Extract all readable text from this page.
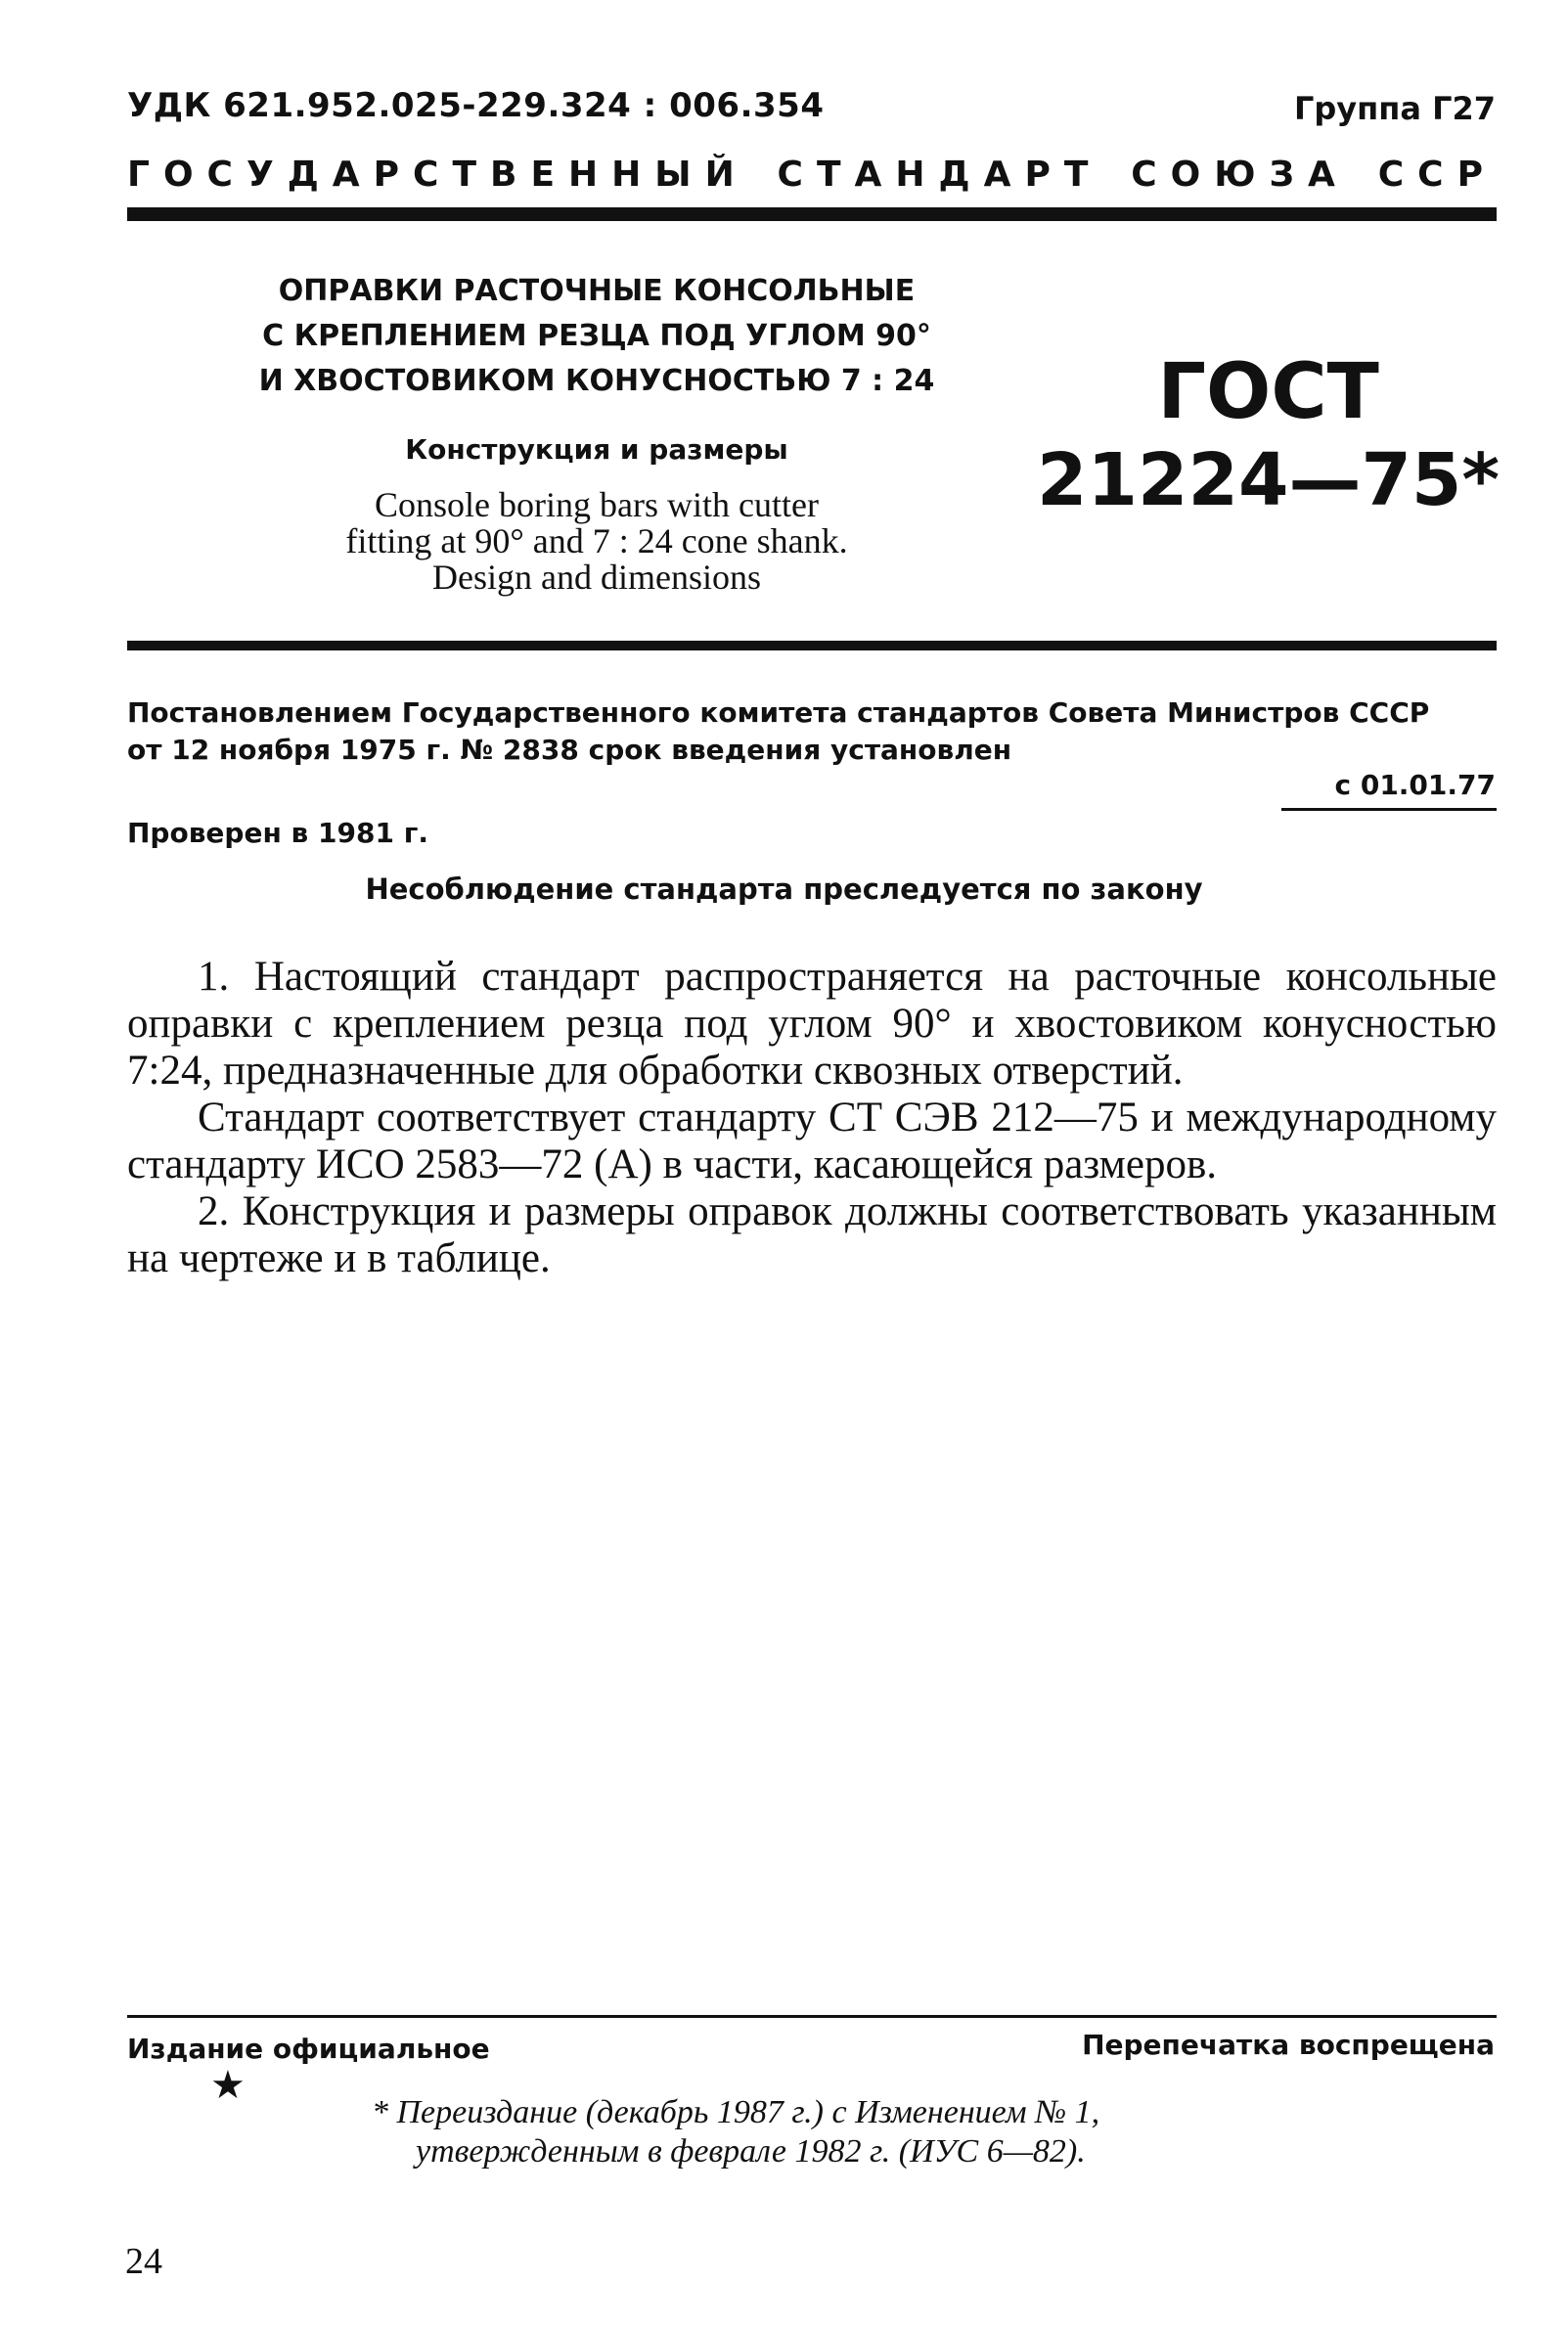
УДК 621.952.025-229.324 : 006.354	Группа Г27
ГОСУДАРСТВЕННЫЙ СТАНДАРТ СОЮЗА ССР

ОПРАВКИ РАСТОЧНЫЕ КОНСОЛЬНЫЕ

С КРЕПЛЕНИЕМ РЕЗЦА ПОД УГЛОМ 90°

И ХВОСТОВИКОМ КОНУСНОСТЬЮ 7 : 24

Конструкция и размеры

Console boring bars with cutter

fitting at 90° and 7 : 24 cone shank.

Design and dimensions

ГОСТ

21224—75*

Постановлением Государственного комитета стандартов Совета Министров СССР
от 12 ноября 1975 г. № 2838 срок введения установлен
с 01.01.77
Проверен в 1981 г.
Несоблюдение стандарта преследуется по закону

1. Настоящий стандарт распространяется на расточные консольные оправки с креплением резца под углом 90° и хвостовиком конусностью 7:24, предназначенные для обработки сквозных отверстий.

Стандарт соответствует стандарту СТ СЭВ 212—75 и международному стандарту ИСО 2583—72 (А) в части, касающейся размеров.

2. Конструкция и размеры оправок должны соответствовать указанным на чертеже и в таблице.

Издание официальное	Перепечатка воспрещена
★
* Переиздание (декабрь 1987 г.) с Изменением № 1,
утвержденным в феврале 1982 г. (ИУС 6—82).
24
